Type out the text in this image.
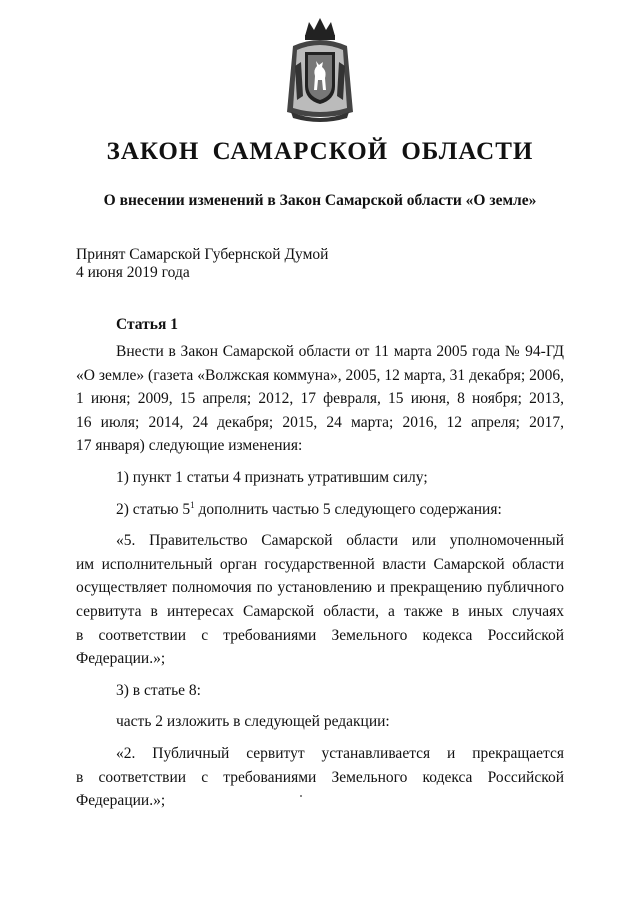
ЗАКОН САМАРСКОЙ ОБЛАСТИ
О внесении изменений в Закон Самарской области «О земле»
Принят Самарской Губернской Думой
4 июня 2019 года
Статья 1
Внести в Закон Самарской области от 11 марта 2005 года № 94-ГД
«О земле» (газета «Волжская коммуна», 2005, 12 марта, 31 декабря; 2006,
1 июня; 2009, 15 апреля; 2012, 17 февраля, 15 июня, 8 ноября; 2013,
16 июля; 2014, 24 декабря; 2015, 24 марта; 2016, 12 апреля; 2017,
17 января) следующие изменения:
1) пункт 1 статьи 4 признать утратившим силу;
2) статью $5^1$ дополнить частью 5 следующего содержания:
«5. Правительство Самарской области или уполномоченный
им исполнительный орган государственной власти Самарской области
осуществляет полномочия по установлению и прекращению публичного
сервитута в интересах Самарской области, а также в иных случаях
в соответствии с требованиями Земельного кодекса Российской
Федерации.»;
3) в статье 8:
часть 2 изложить в следующей редакции:
«2. Публичный сервитут устанавливается и прекращается
в соответствии с требованиями Земельного кодекса Российской
Федерации.»;
